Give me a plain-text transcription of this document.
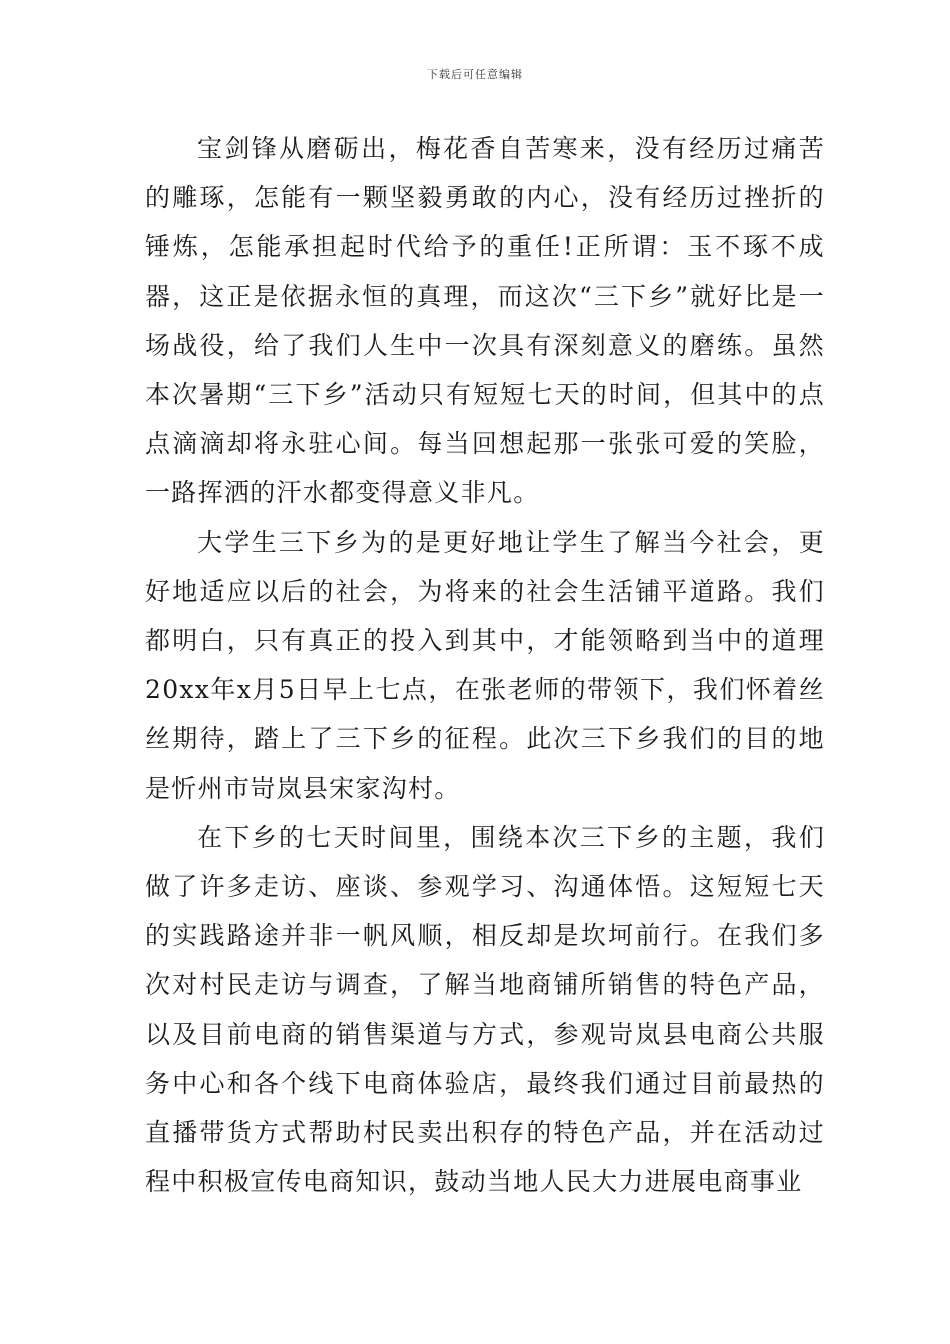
下载后可任意编辑

宝剑锋从磨砺出，梅花香自苦寒来，没有经历过痛苦的雕琢，怎能有一颗坚毅勇敢的内心，没有经历过挫折的锤炼，怎能承担起时代给予的重任!正所谓：玉不琢不成器，这正是依据永恒的真理，而这次“三下乡”就好比是一场战役，给了我们人生中一次具有深刻意义的磨练。虽然本次暑期“三下乡”活动只有短短七天的时间，但其中的点点滴滴却将永驻心间。每当回想起那一张张可爱的笑脸，一路挥洒的汗水都变得意义非凡。

大学生三下乡为的是更好地让学生了解当今社会，更好地适应以后的社会，为将来的社会生活铺平道路。我们都明白，只有真正的投入到其中，才能领略到当中的道理 20xx年x月5日早上七点，在张老师的带领下，我们怀着丝丝期待，踏上了三下乡的征程。此次三下乡我们的目的地是忻州市岢岚县宋家沟村。

在下乡的七天时间里，围绕本次三下乡的主题，我们做了许多走访、座谈、参观学习、沟通体悟。这短短七天的实践路途并非一帆风顺，相反却是坎坷前行。在我们多次对村民走访与调查，了解当地商铺所销售的特色产品，以及目前电商的销售渠道与方式，参观岢岚县电商公共服务中心和各个线下电商体验店，最终我们通过目前最热的直播带货方式帮助村民卖出积存的特色产品，并在活动过程中积极宣传电商知识，鼓动当地人民大力进展电商事业
